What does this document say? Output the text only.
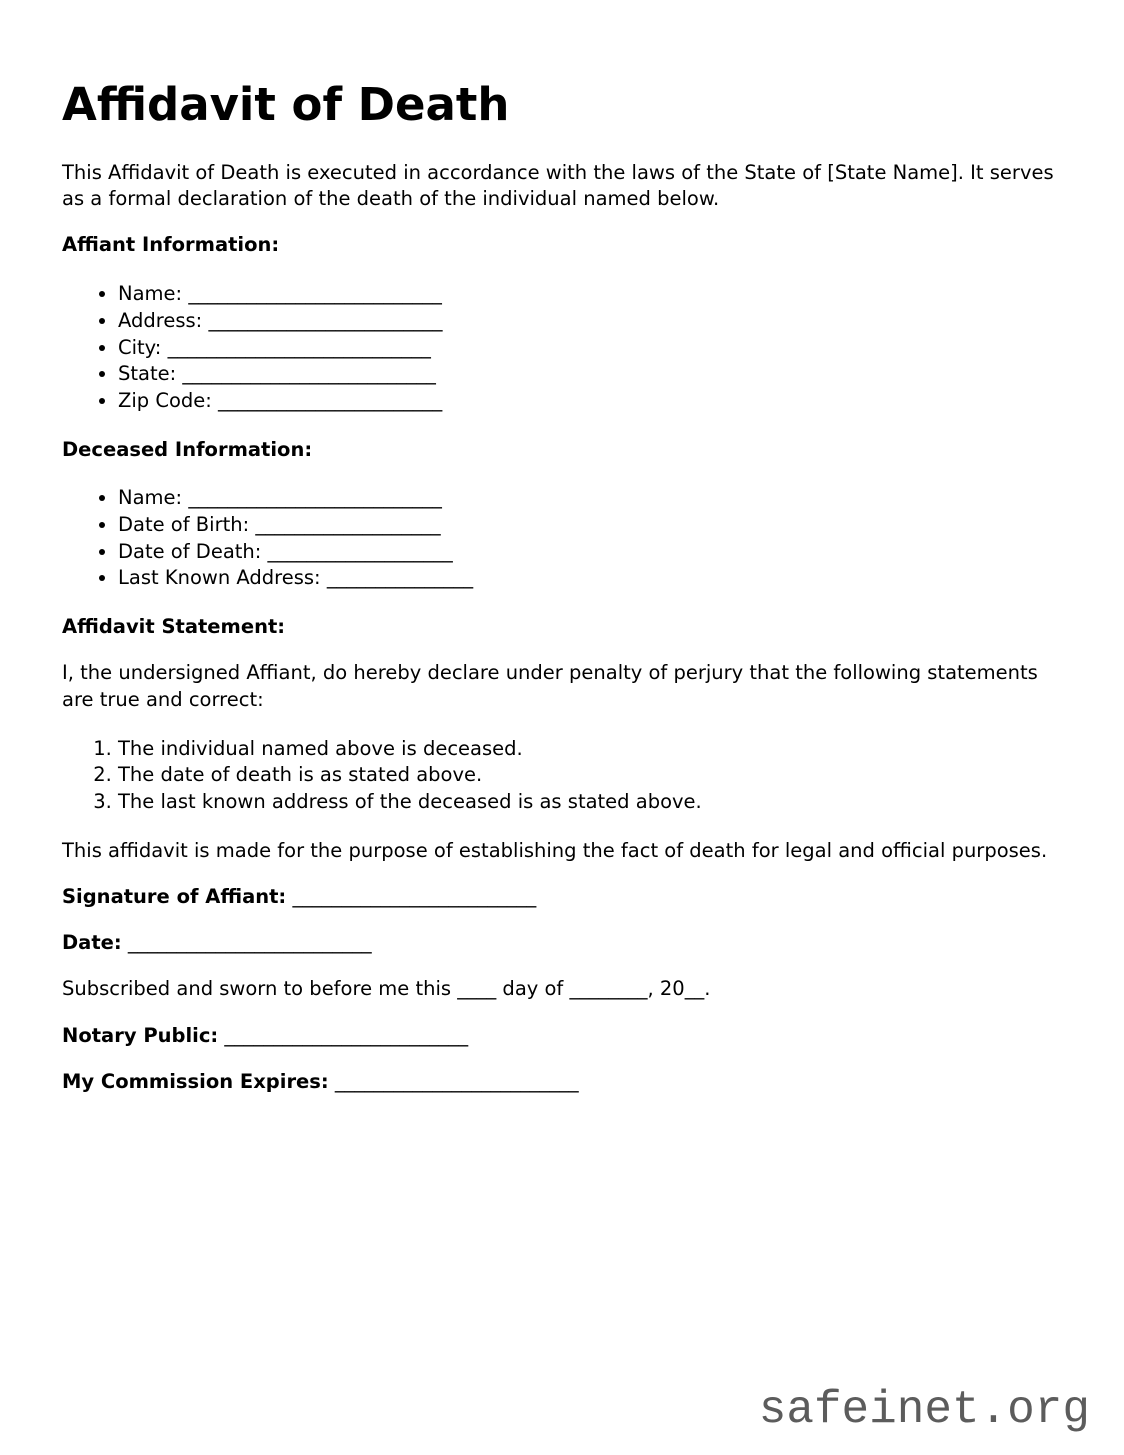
Affidavit of Death

This Affidavit of Death is executed in accordance with the laws of the State of [State Name]. It serves as a formal declaration of the death of the individual named below.

Affiant Information:

• Name: __________________________
• Address: ________________________
• City: ___________________________
• State: __________________________
• Zip Code: _______________________

Deceased Information:

• Name: __________________________
• Date of Birth: ___________________
• Date of Death: ___________________
• Last Known Address: _______________

Affidavit Statement:

I, the undersigned Affiant, do hereby declare under penalty of perjury that the following statements are true and correct:

1. The individual named above is deceased.
2. The date of death is as stated above.
3. The last known address of the deceased is as stated above.

This affidavit is made for the purpose of establishing the fact of death for legal and official purposes.

Signature of Affiant: _________________________

Date: _________________________

Subscribed and sworn to before me this ____ day of ________, 20__.

Notary Public: _________________________

My Commission Expires: _________________________

safeinet.org
